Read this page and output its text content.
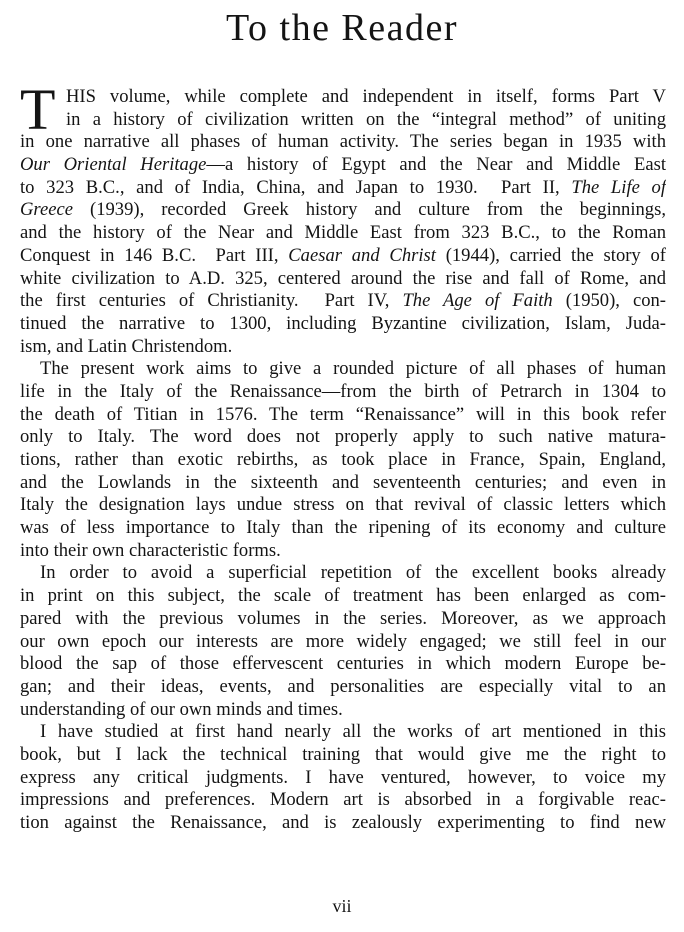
To the Reader
T HIS volume, while complete and independent in itself, forms Part V
in a history of civilization written on the “integral method” of uniting
in one narrative all phases of human activity. The series began in 1935 with
Our Oriental Heritage—a history of Egypt and the Near and Middle East
to 323 B.C., and of India, China, and Japan to 1930.  Part II, The Life of
Greece (1939), recorded Greek history and culture from the beginnings,
and the history of the Near and Middle East from 323 B.C., to the Roman
Conquest in 146 B.C.  Part III, Caesar and Christ (1944), carried the story of
white civilization to A.D. 325, centered around the rise and fall of Rome, and
the first centuries of Christianity.  Part IV, The Age of Faith (1950), con-
tinued the narrative to 1300, including Byzantine civilization, Islam, Juda-
ism, and Latin Christendom.
The present work aims to give a rounded picture of all phases of human
life in the Italy of the Renaissance—from the birth of Petrarch in 1304 to
the death of Titian in 1576. The term “Renaissance” will in this book refer
only to Italy. The word does not properly apply to such native matura-
tions, rather than exotic rebirths, as took place in France, Spain, England,
and the Lowlands in the sixteenth and seventeenth centuries; and even in
Italy the designation lays undue stress on that revival of classic letters which
was of less importance to Italy than the ripening of its economy and culture
into their own characteristic forms.
In order to avoid a superficial repetition of the excellent books already
in print on this subject, the scale of treatment has been enlarged as com-
pared with the previous volumes in the series. Moreover, as we approach
our own epoch our interests are more widely engaged; we still feel in our
blood the sap of those effervescent centuries in which modern Europe be-
gan; and their ideas, events, and personalities are especially vital to an
understanding of our own minds and times.
I have studied at first hand nearly all the works of art mentioned in this
book, but I lack the technical training that would give me the right to
express any critical judgments. I have ventured, however, to voice my
impressions and preferences. Modern art is absorbed in a forgivable reac-
tion against the Renaissance, and is zealously experimenting to find new
vii
